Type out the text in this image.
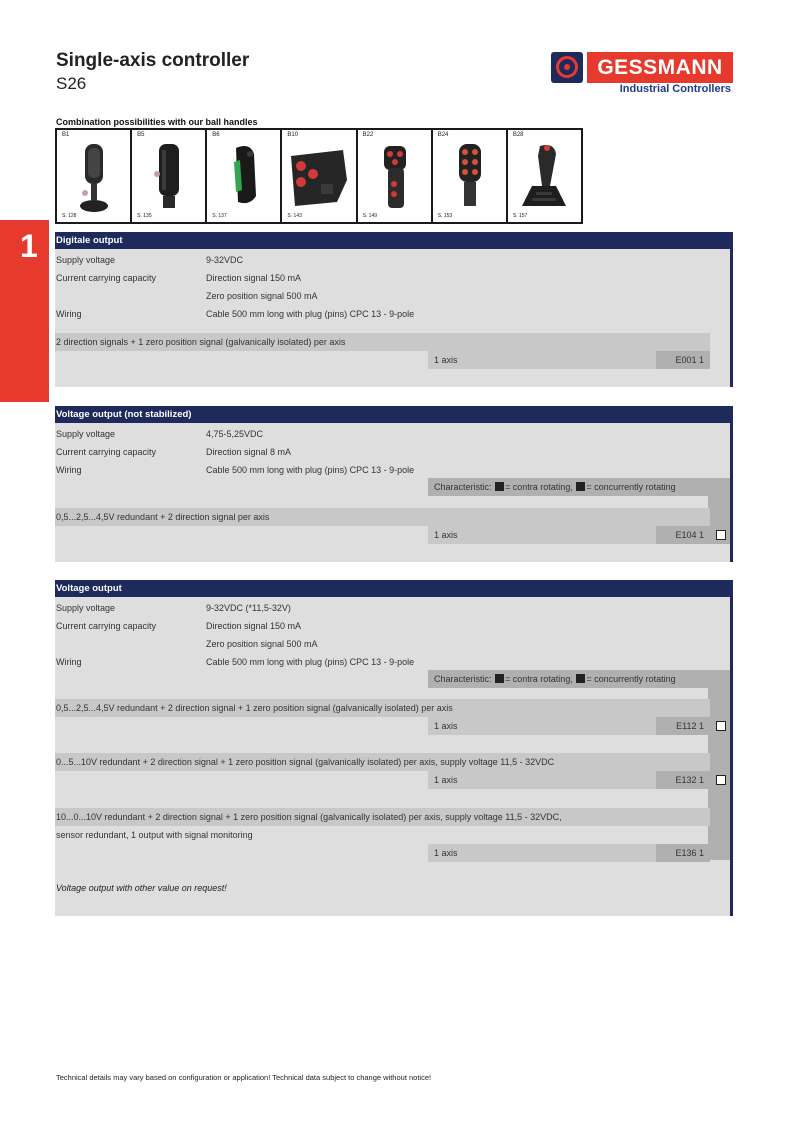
Single-axis controller
S26
GESSMANN
Industrial Controllers
Combination possibilities with our ball handles
B1
S. 128
B5
S. 135
B6
S. 137
B10
S. 143
B22
S. 149
B24
S. 153
B28
S. 157
1 Digitale output
Supply voltage	9-32VDC
Current carrying capacity	Direction signal 150 mA
Zero position signal 500 mA
Wiring	Cable 500 mm long with plug (pins) CPC 13 - 9-pole
2 direction signals + 1 zero position signal (galvanically isolated) per axis
1 axis	E001 1
Voltage output (not stabilized)
Supply voltage	4,75-5,25VDC
Current carrying capacity	Direction signal 8 mA
Wiring	Cable 500 mm long with plug (pins) CPC 13 - 9-pole
Characteristic: = contra rotating, = concurrently rotating
0,5...2,5...4,5V redundant + 2 direction signal per axis
1 axis	E104 1
Voltage output
Supply voltage	9-32VDC (*11,5-32V)
Current carrying capacity	Direction signal 150 mA
Zero position signal 500 mA
Wiring	Cable 500 mm long with plug (pins) CPC 13 - 9-pole
Characteristic: = contra rotating, = concurrently rotating
0,5...2,5...4,5V redundant + 2 direction signal + 1 zero position signal (galvanically isolated) per axis
1 axis	E112 1
0...5...10V redundant + 2 direction signal + 1 zero position signal (galvanically isolated) per axis, supply voltage 11,5 - 32VDC
1 axis	E132 1
10...0...10V redundant + 2 direction signal + 1 zero position signal (galvanically isolated) per axis, supply voltage 11,5 - 32VDC,
sensor redundant, 1 output with signal monitoring
1 axis	E136 1
Voltage output with other value on request!
Technical details may vary based on configuration or application! Technical data subject to change without notice!
